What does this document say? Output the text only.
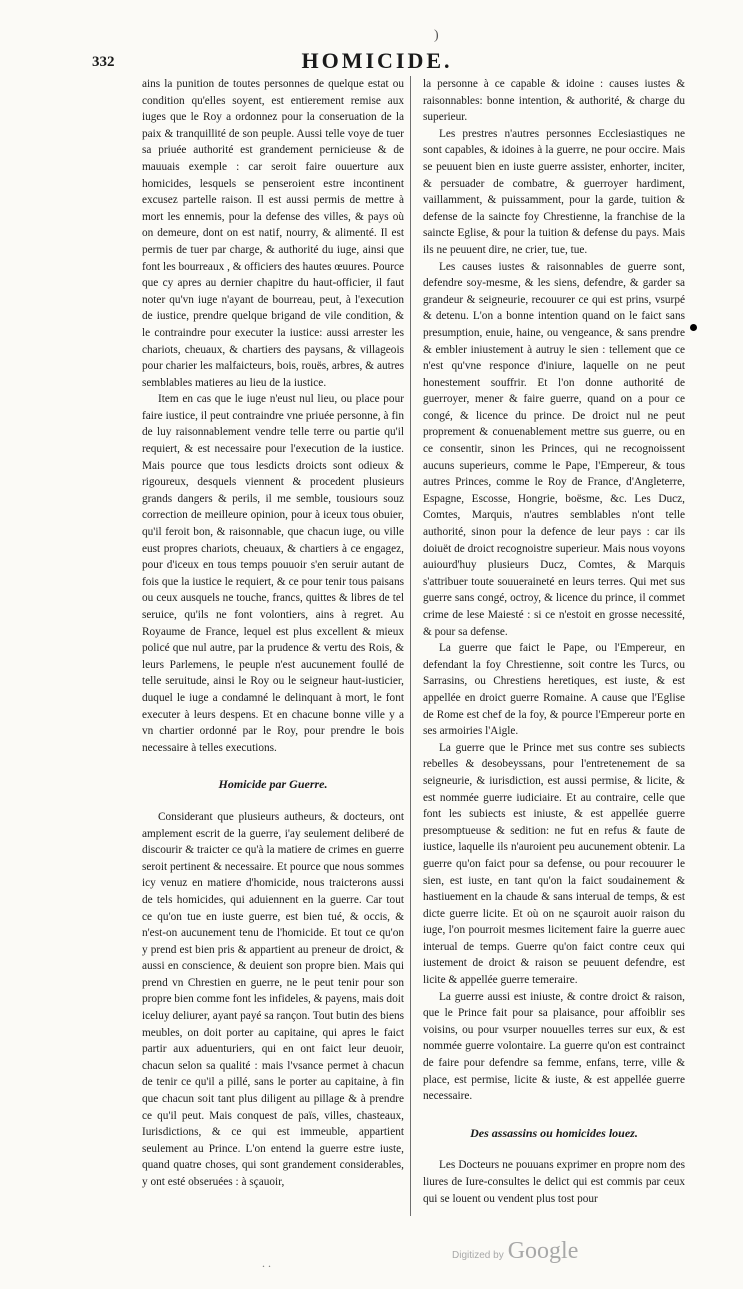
)
332	HOMICIDE.

ains la punition de toutes personnes de quelque estat ou condition qu'elles soyent, est entierement remise aux iuges que le Roy a ordonnez pour la conseruation de la paix & tranquillité de son peuple. Aussi telle voye de tuer sa priuée authorité est grandement pernicieuse & de mauuais exemple : car seroit faire ouuerture aux homicides, lesquels se penseroient estre incontinent excusez partelle raison. Il est aussi permis de mettre à mort les ennemis, pour la defense des villes, & pays où on demeure, dont on est natif, nourry, & alimenté. Il est permis de tuer par charge, & authorité du iuge, ainsi que font les bourreaux , & officiers des hautes œuures. Pource que cy apres au dernier chapitre du haut-officier, il faut noter qu'vn iuge n'ayant de bourreau, peut, à l'execution de iustice, prendre quelque brigand de vile condition, & le contraindre pour executer la iustice: aussi arrester les chariots, cheuaux, & chartiers des paysans, & villageois pour charier les malfaicteurs, bois, rouës, arbres, & autres semblables matieres au lieu de la iustice.

Item en cas que le iuge n'eust nul lieu, ou place pour faire iustice, il peut contraindre vne priuée personne, à fin de luy raisonnablement vendre telle terre ou partie qu'il requiert, & est necessaire pour l'execution de la iustice. Mais pource que tous lesdicts droicts sont odieux & rigoureux, desquels viennent & procedent plusieurs grands dangers & perils, il me semble, tousiours souz correction de meilleure opinion, pour à iceux tous obuier, qu'il feroit bon, & raisonnable, que chacun iuge, ou ville eust propres chariots, cheuaux, & chartiers à ce engagez, pour d'iceux en tous temps pouuoir s'en seruir autant de fois que la iustice le requiert, & ce pour tenir tous paisans ou ceux ausquels ne touche, francs, quittes & libres de tel seruice, qu'ils ne font volontiers, ains à regret. Au Royaume de France, lequel est plus excellent & mieux policé que nul autre, par la prudence & vertu des Rois, & leurs Parlemens, le peuple n'est aucunement foullé de telle seruitude, ainsi le Roy ou le seigneur haut-iusticier, duquel le iuge a condamné le delinquant à mort, le font executer à leurs despens. Et en chacune bonne ville y a vn chartier ordonné par le Roy, pour prendre le bois necessaire à telles executions.

Homicide par Guerre.

Considerant que plusieurs autheurs, & docteurs, ont amplement escrit de la guerre, i'ay seulement deliberé de discourir & traicter ce qu'à la matiere de crimes en guerre seroit pertinent & necessaire. Et pource que nous sommes icy venuz en matiere d'homicide, nous traicterons aussi de tels homicides, qui aduiennent en la guerre. Car tout ce qu'on tue en iuste guerre, est bien tué, & occis, & n'est-on aucunement tenu de l'homicide. Et tout ce qu'on y prend est bien pris & appartient au preneur de droict, & aussi en conscience, & deuient son propre bien. Mais qui prend vn Chrestien en guerre, ne le peut tenir pour son propre bien comme font les infideles, & payens, mais doit iceluy deliurer, ayant payé sa rançon. Tout butin des biens meubles, on doit porter au capitaine, qui apres le faict partir aux aduenturiers, qui en ont faict leur deuoir, chacun selon sa qualité : mais l'vsance permet à chacun de tenir ce qu'il a pillé, sans le porter au capitaine, à fin que chacun soit tant plus diligent au pillage & à prendre ce qu'il peut. Mais conquest de païs, villes, chasteaux, Iurisdictions, & ce qui est immeuble, appartient seulement au Prince. L'on entend la guerre estre iuste, quand quatre choses, qui sont grandement considerables, y ont esté obseruées : à sçauoir,

la personne à ce capable & idoine : causes iustes & raisonnables: bonne intention, & authorité, & charge du superieur.

Les prestres n'autres personnes Ecclesiastiques ne sont capables, & idoines à la guerre, ne pour occire. Mais se peuuent bien en iuste guerre assister, enhorter, inciter, & persuader de combatre, & guerroyer hardiment, vaillamment, & puissamment, pour la garde, tuition & defense de la saincte foy Chrestienne, la franchise de la saincte Eglise, & pour la tuition & defense du pays. Mais ils ne peuuent dire, ne crier, tue, tue.

Les causes iustes & raisonnables de guerre sont, defendre soy-mesme, & les siens, defendre, & garder sa grandeur & seigneurie, recouurer ce qui est prins, vsurpé & detenu. L'on a bonne intention quand on le faict sans presumption, enuie, haine, ou vengeance, & sans prendre & embler iniustement à autruy le sien : tellement que ce n'est qu'vne responce d'iniure, laquelle on ne peut honestement souffrir. Et l'on donne authorité de guerroyer, mener & faire guerre, quand on a pour ce congé, & licence du prince. De droict nul ne peut proprement & conuenablement mettre sus guerre, ou en ce consentir, sinon les Princes, qui ne recognoissent aucuns superieurs, comme le Pape, l'Empereur, & tous autres Princes, comme le Roy de France, d'Angleterre, Espagne, Escosse, Hongrie, boësme, &c. Les Ducz, Comtes, Marquis, n'autres semblables n'ont telle authorité, sinon pour la defence de leur pays : car ils doiuët de droict recognoistre superieur. Mais nous voyons auiourd'huy plusieurs Ducz, Comtes, & Marquis s'attribuer toute souueraineté en leurs terres. Qui met sus guerre sans congé, octroy, & licence du prince, il commet crime de lese Maiesté : si ce n'estoit en grosse necessité, & pour sa defense.

La guerre que faict le Pape, ou l'Empereur, en defendant la foy Chrestienne, soit contre les Turcs, ou Sarrasins, ou Chrestiens heretiques, est iuste, & est appellée en droict guerre Romaine. A cause que l'Eglise de Rome est chef de la foy, & pource l'Empereur porte en ses armoiries l'Aigle.

La guerre que le Prince met sus contre ses subiects rebelles & desobeyssans, pour l'entretenement de sa seigneurie, & iurisdiction, est aussi permise, & licite, & est nommée guerre iudiciaire. Et au contraire, celle que font les subiects est iniuste, & est appellée guerre presomptueuse & sedition: ne fut en refus & faute de iustice, laquelle ils n'auroient peu aucunement obtenir. La guerre qu'on faict pour sa defense, ou pour recouurer le sien, est iuste, en tant qu'on la faict soudainement & hastiuement en la chaude & sans interual de temps, & est dicte guerre licite. Et où on ne sçauroit auoir raison du iuge, l'on pourroit mesmes licitement faire la guerre auec interual de temps. Guerre qu'on faict contre ceux qui iustement de droict & raison se peuuent defendre, est licite & appellée guerre temeraire.

La guerre aussi est iniuste, & contre droict & raison, que le Prince fait pour sa plaisance, pour affoiblir ses voisins, ou pour vsurper nouuelles terres sur eux, & est nommée guerre volontaire. La guerre qu'on est contrainct de faire pour defendre sa femme, enfans, terre, ville & place, est permise, licite & iuste, & est appellée guerre necessaire.

Des assassins ou homicides louez.

Les Docteurs ne pouuans exprimer en propre nom des liures de Iure-consultes le delict qui est commis par ceux qui se louent ou vendent plus tost pour

. .
Digitized by Google
